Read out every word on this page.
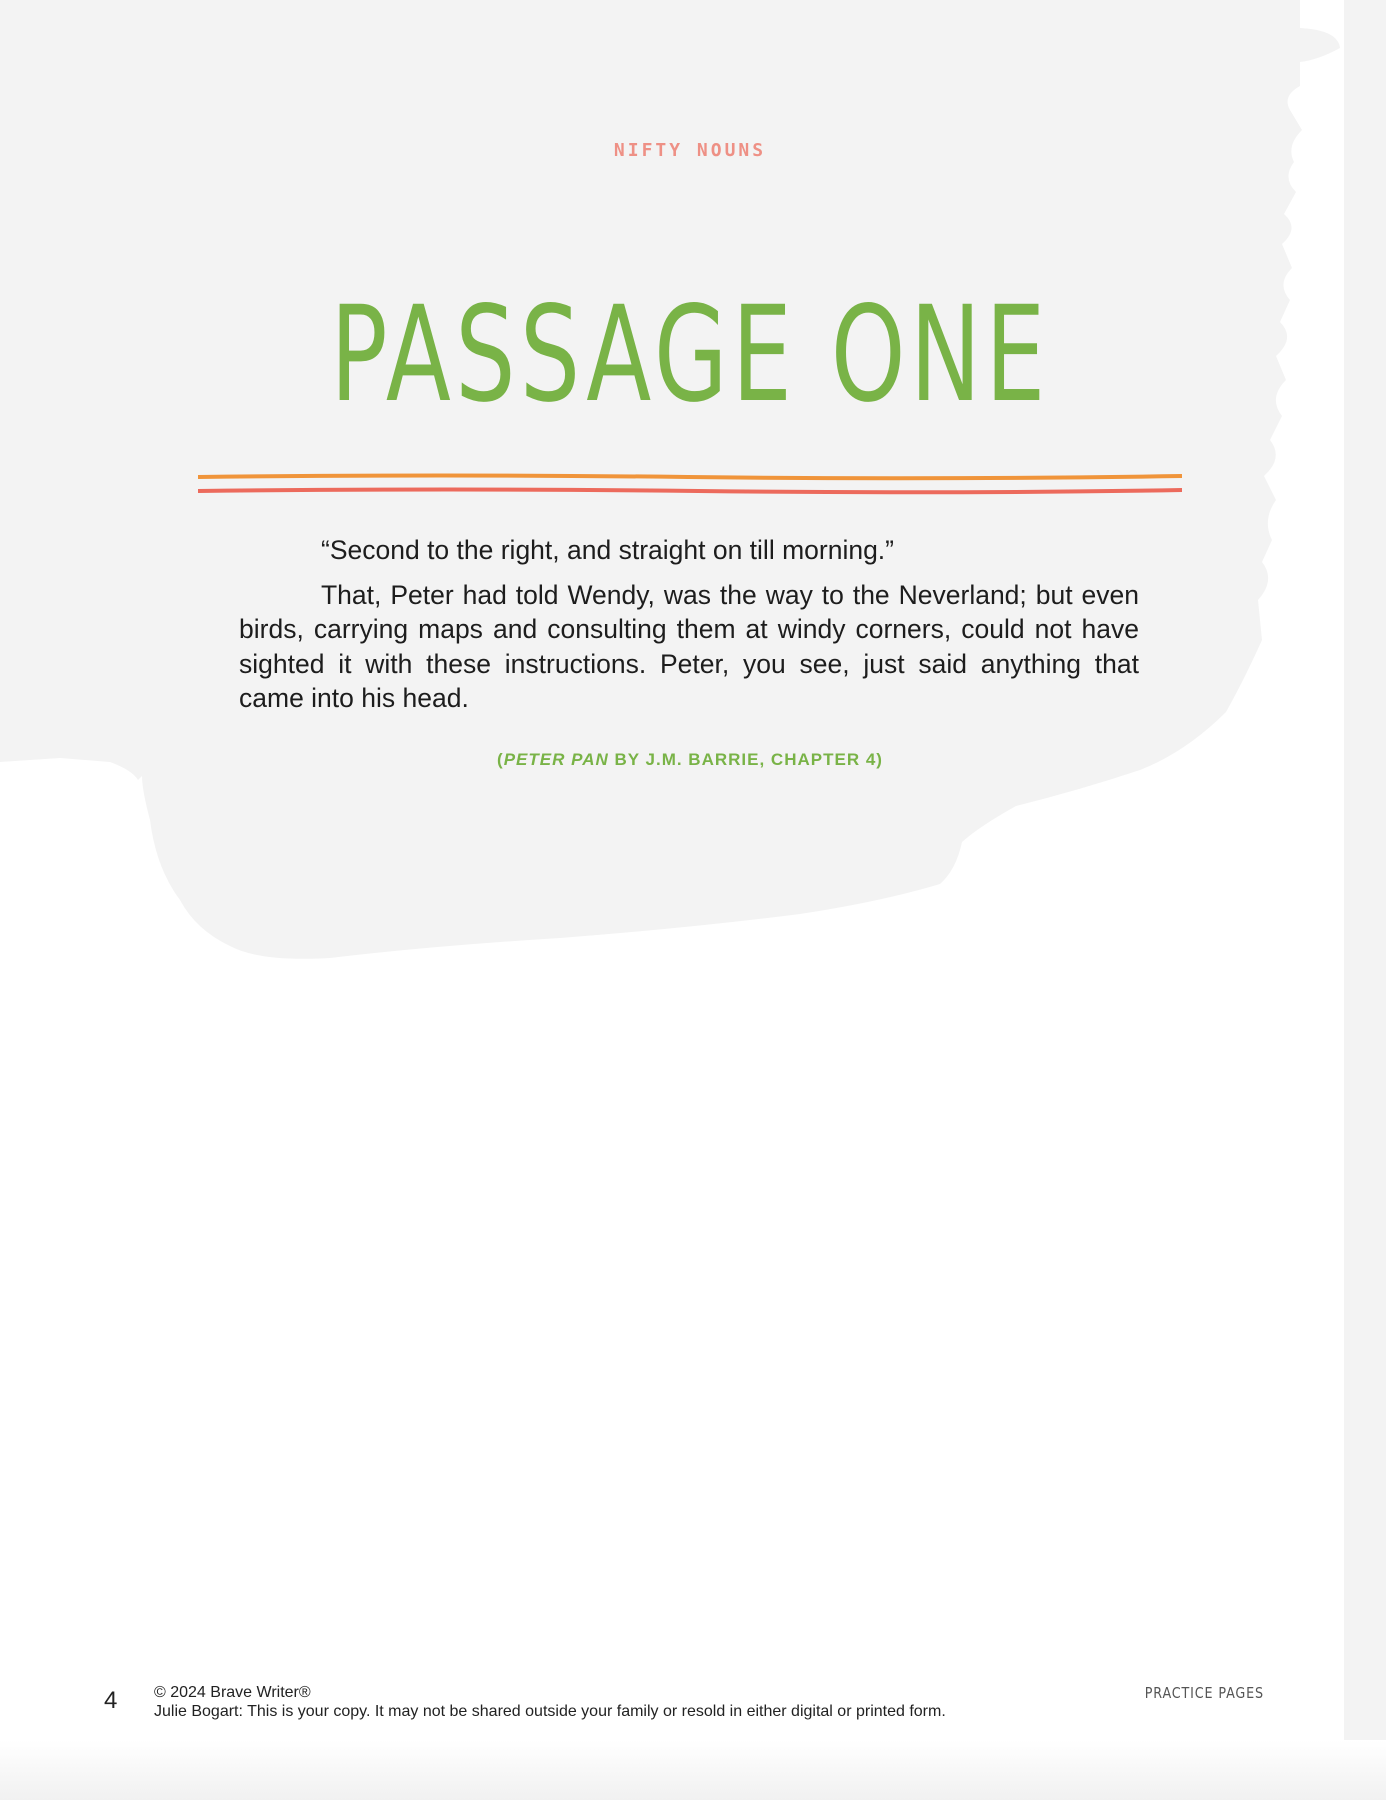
NIFTY NOUNS
PASSAGE ONE

“Second to the right, and straight on till morning.”

That, Peter had told Wendy, was the way to the Neverland; but even birds, carrying maps and consulting them at windy corners, could not have sighted it with these instructions. Peter, you see, just said anything that came into his head.

(PETER PAN BY J.M. BARRIE, CHAPTER 4)
4 © 2024 Brave Writer®
Julie Bogart: This is your copy. It may not be shared outside your family or resold in either digital or printed form.
PRACTICE PAGES
